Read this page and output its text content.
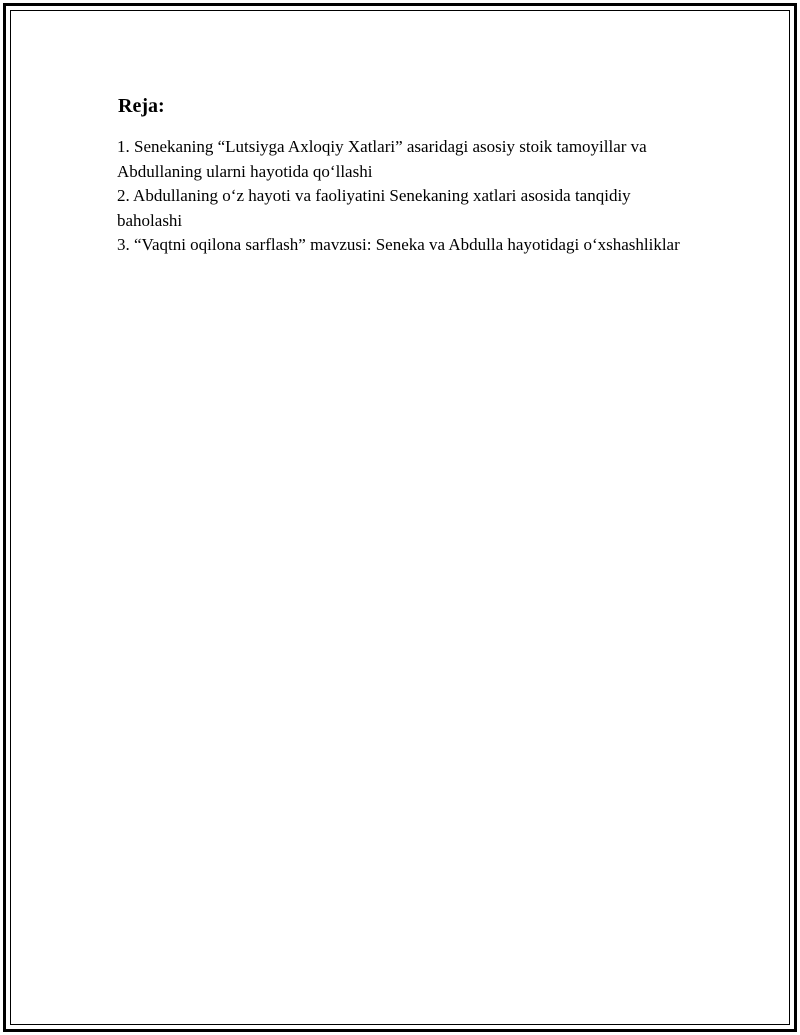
Reja:

1. Senekaning “Lutsiyga Axloqiy Xatlari” asaridagi asosiy stoik tamoyillar va Abdullaning ularni hayotida qo‘llashi

2. Abdullaning o‘z hayoti va faoliyatini Senekaning xatlari asosida tanqidiy baholashi

3. “Vaqtni oqilona sarflash” mavzusi: Seneka va Abdulla hayotidagi o‘xshashliklar
